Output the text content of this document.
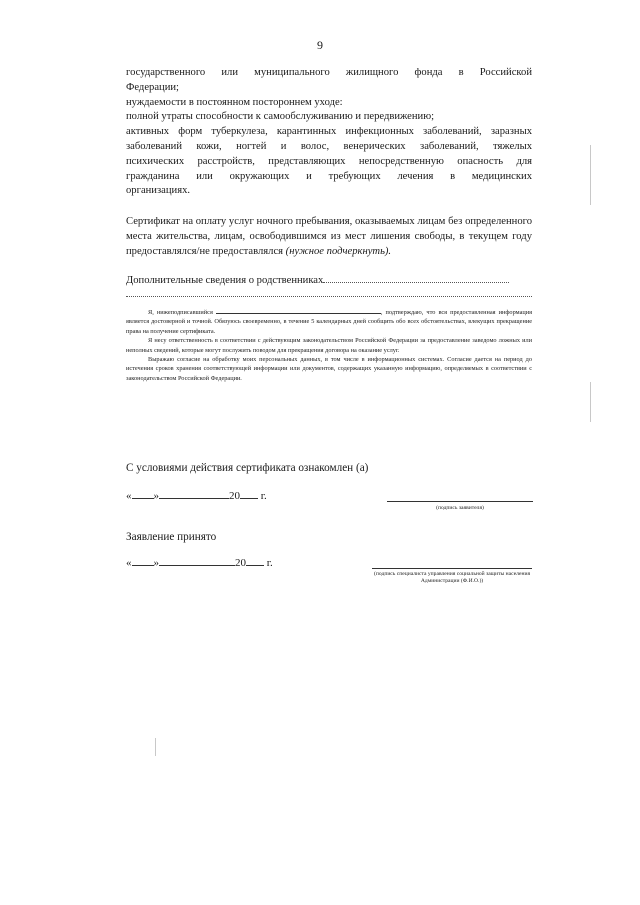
9

государственного или муниципального жилищного фонда в Российской

Федерации;

нуждаемости в постоянном постороннем уходе:

полной утраты способности к самообслуживанию и передвижению;

активных форм туберкулеза, карантинных инфекционных заболеваний, заразных

заболеваний кожи, ногтей и волос, венерических заболеваний, тяжелых

психических расстройств, представляющих непосредственную опасность для

гражданина или окружающих и требующих лечения в медицинских

организациях.

Сертификат на оплату услуг ночного пребывания, оказываемых лицам без определенного места жительства, лицам, освободившимся из мест лишения свободы, в текущем году предоставлялся/не предоставлялся (нужное подчеркнуть).
Дополнительные сведения о родственниках

Я, нижеподписавшийся	, подтверждаю, что вся предоставленная информация является достоверной и точной. Обязуюсь своевременно, в течение 5 календарных дней сообщить обо всех обстоятельствах, влекущих прекращение права на получение сертификата.

Я несу ответственность в соответствии с действующим законодательством Российской Федерации за предоставление заведомо ложных или неполных сведений, которые могут послужить поводом для прекращения договора на оказание услуг.

Выражаю согласие на обработку моих персональных данных, в том числе в информационных системах. Согласие дается на период до истечения сроков хранения соответствующей информации или документов, содержащих указанную информацию, определяемых в соответствии с законодательством Российской Федерации.

С условиями действия сертификата ознакомлен (а)
« »	20 г.
(подпись заявителя)
Заявление принято
« »	20 г.
(подпись специалиста управления социальной защиты населения Администрации (Ф.И.О.))
